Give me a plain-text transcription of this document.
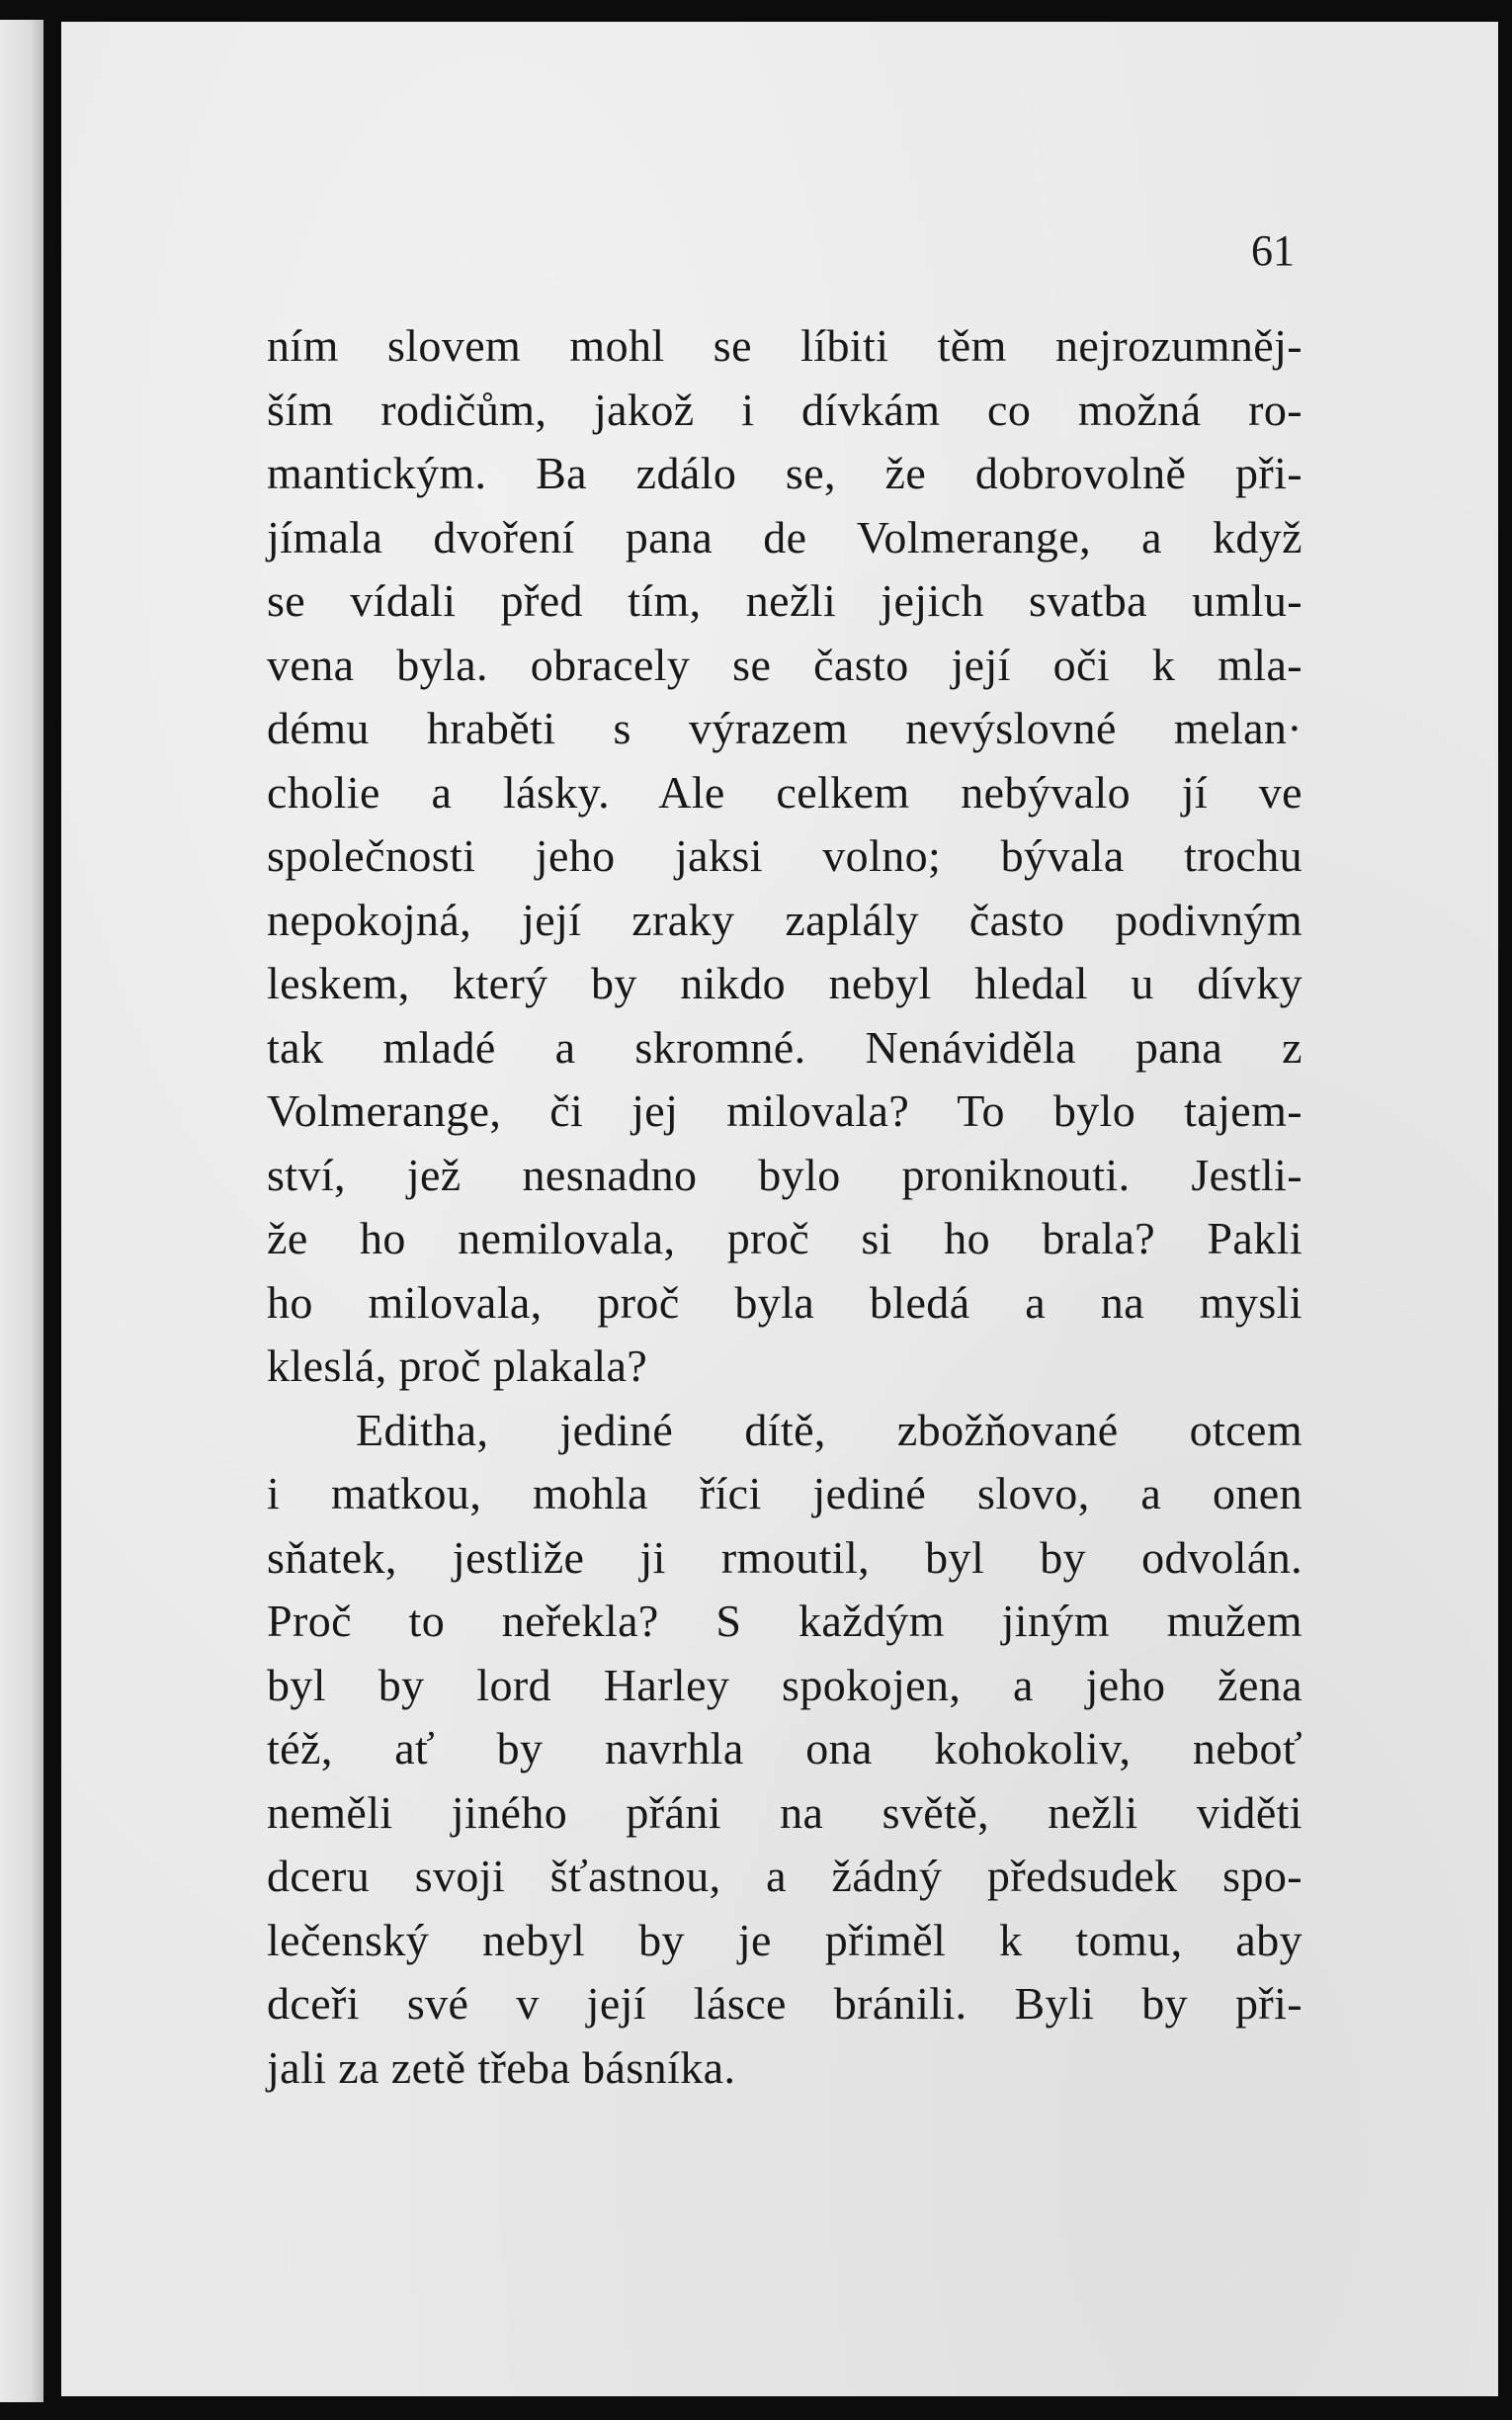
61
ním slovem mohl se líbiti těm nejrozumněj-
ším rodičům, jakož i dívkám co možná ro-
mantickým. Ba zdálo se, že dobrovolně při-
jímala dvoření pana de Volmerange, a když
se vídali před tím, nežli jejich svatba umlu-
vena byla. obracely se často její oči k mla-
dému hraběti s výrazem nevýslovné melan·
cholie a lásky. Ale celkem nebývalo jí ve
společnosti jeho jaksi volno; bývala trochu
nepokojná, její zraky zaplály často podivným
leskem, který by nikdo nebyl hledal u dívky
tak mladé a skromné. Nenáviděla pana z
Volmerange, či jej milovala? To bylo tajem-
ství, jež nesnadno bylo proniknouti. Jestli-
že ho nemilovala, proč si ho brala? Pakli
ho milovala, proč byla bledá a na mysli
kleslá, proč plakala?
Editha, jediné dítě, zbožňované otcem
i matkou, mohla říci jediné slovo, a onen
sňatek, jestliže ji rmoutil, byl by odvolán.
Proč to neřekla? S každým jiným mužem
byl by lord Harley spokojen, a jeho žena
též, ať by navrhla ona kohokoliv, neboť
neměli jiného přáni na světě, nežli viděti
dceru svoji šťastnou, a žádný předsudek spo-
lečenský nebyl by je přiměl k tomu, aby
dceři své v její lásce bránili. Byli by při-
jali za zetě třeba básníka.
